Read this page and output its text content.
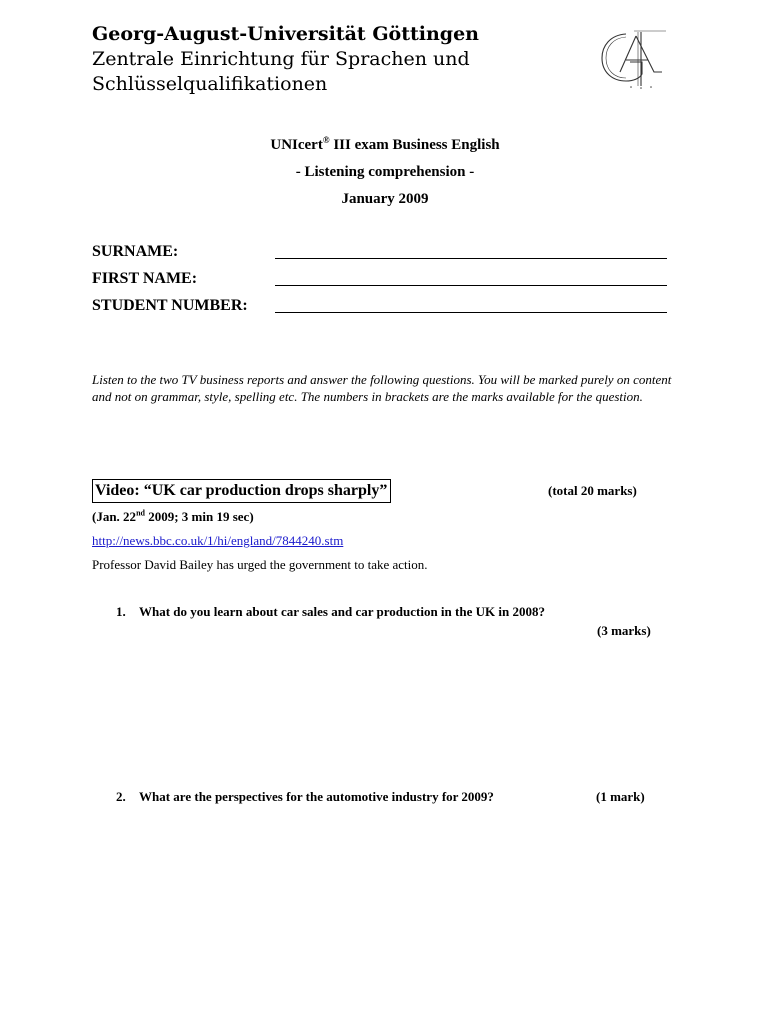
Georg-August-Universität Göttingen
Zentrale Einrichtung für Sprachen und
Schlüsselqualifikationen
UNIcert® III exam Business English
- Listening comprehension -
January 2009
SURNAME:
FIRST NAME:
STUDENT NUMBER:
Listen to the two TV business reports and answer the following questions. You will be marked purely on content and not on grammar, style, spelling etc. The numbers in brackets are the marks available for the question.
Video: “UK car production drops sharply”	(total 20 marks)
(Jan. 22nd 2009; 3 min 19 sec)
http://news.bbc.co.uk/1/hi/england/7844240.stm
Professor David Bailey has urged the government to take action.
1. What do you learn about car sales and car production in the UK in 2008?
(3 marks)
2. What are the perspectives for the automotive industry for 2009?	(1 mark)
